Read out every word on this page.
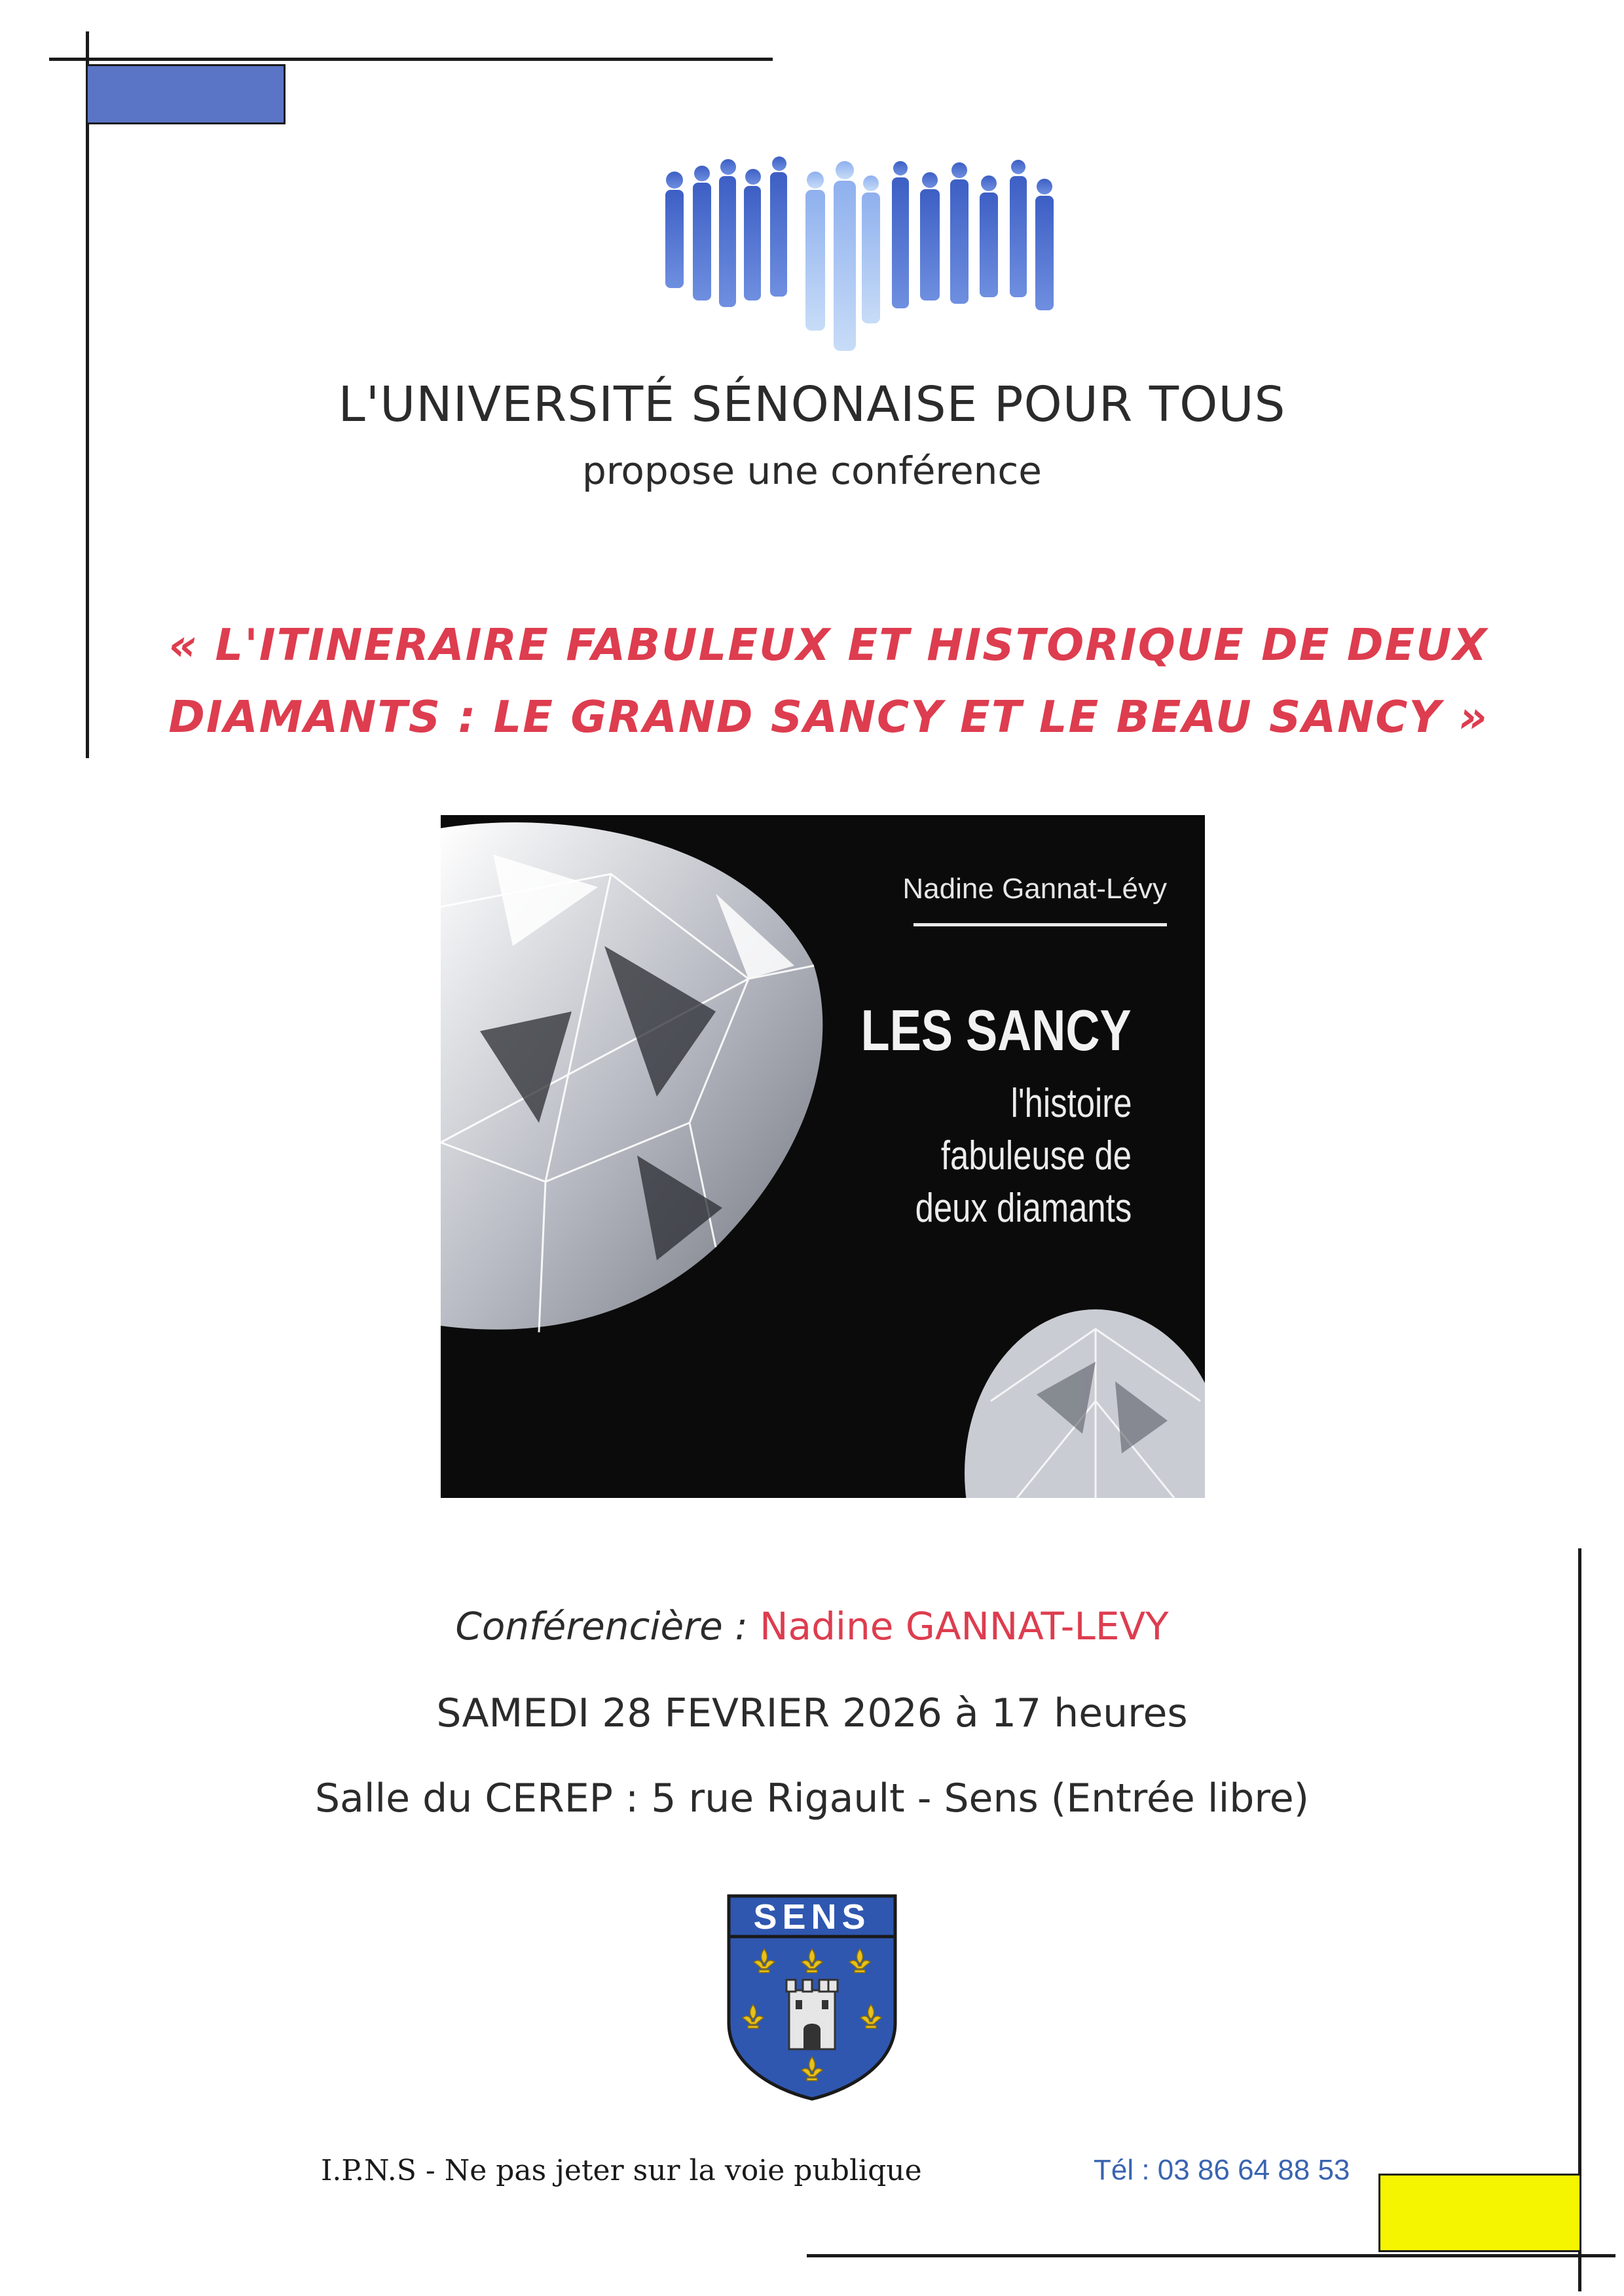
L'UNIVERSITÉ SÉNONAISE POUR TOUS
propose une conférence
« L'ITINERAIRE FABULEUX ET HISTORIQUE DE DEUX
DIAMANTS : LE GRAND SANCY ET LE BEAU SANCY »
Nadine Gannat-Lévy
LES SANCY
l'histoire
fabuleuse de
deux diamants
Conférencière : Nadine GANNAT-LEVY
SAMEDI 28 FEVRIER 2026 à 17 heures
Salle du CEREP : 5 rue Rigault - Sens (Entrée libre)
SENS
I.P.N.S - Ne pas jeter sur la voie publique	Tél : 03 86 64 88 53
